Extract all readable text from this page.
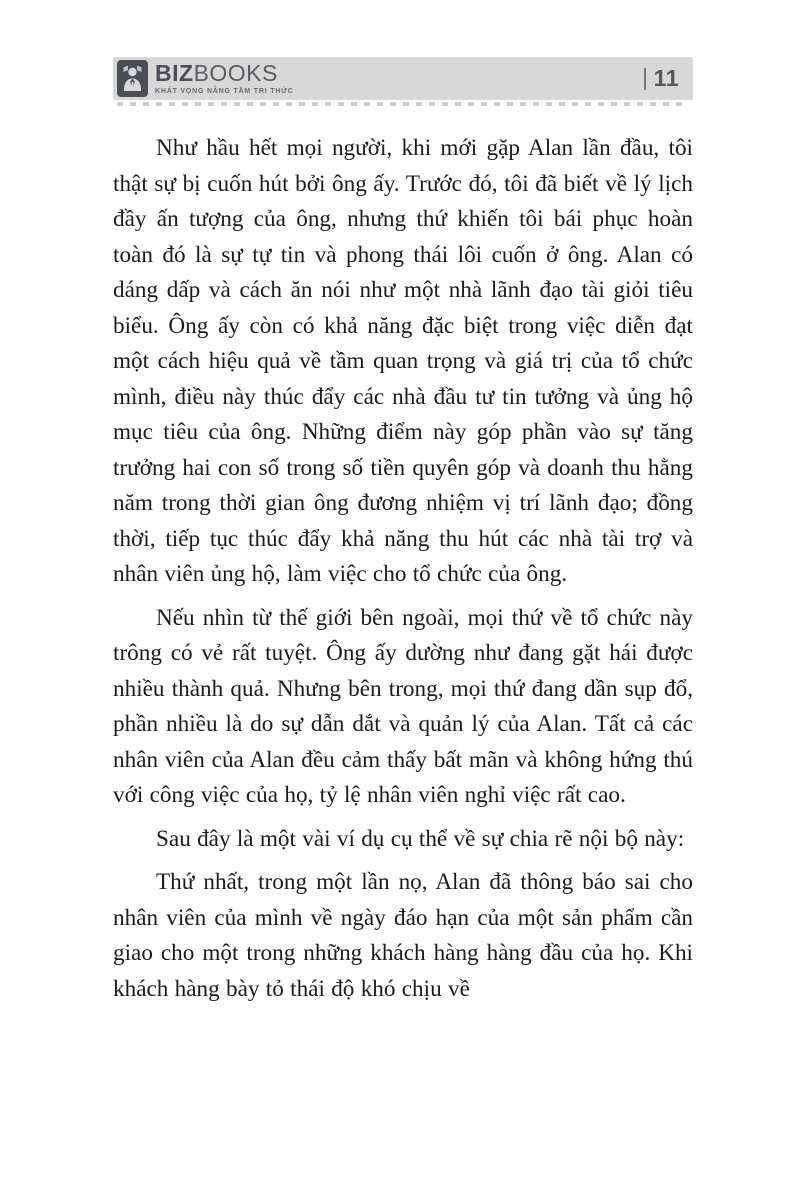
BIZBOOKS
KHÁT VỌNG NÂNG TẦM TRI THỨC
11

Như hầu hết mọi người, khi mới gặp Alan lần đầu, tôi thật sự bị cuốn hút bởi ông ấy. Trước đó, tôi đã biết về lý lịch đầy ấn tượng của ông, nhưng thứ khiến tôi bái phục hoàn toàn đó là sự tự tin và phong thái lôi cuốn ở ông. Alan có dáng dấp và cách ăn nói như một nhà lãnh đạo tài giỏi tiêu biểu. Ông ấy còn có khả năng đặc biệt trong việc diễn đạt một cách hiệu quả về tầm quan trọng và giá trị của tổ chức mình, điều này thúc đẩy các nhà đầu tư tin tưởng và ủng hộ mục tiêu của ông. Những điểm này góp phần vào sự tăng trưởng hai con số trong số tiền quyên góp và doanh thu hằng năm trong thời gian ông đương nhiệm vị trí lãnh đạo; đồng thời, tiếp tục thúc đẩy khả năng thu hút các nhà tài trợ và nhân viên ủng hộ, làm việc cho tổ chức của ông.

Nếu nhìn từ thế giới bên ngoài, mọi thứ về tổ chức này trông có vẻ rất tuyệt. Ông ấy dường như đang gặt hái được nhiều thành quả. Nhưng bên trong, mọi thứ đang dần sụp đổ, phần nhiều là do sự dẫn dắt và quản lý của Alan. Tất cả các nhân viên của Alan đều cảm thấy bất mãn và không hứng thú với công việc của họ, tỷ lệ nhân viên nghỉ việc rất cao.

Sau đây là một vài ví dụ cụ thể về sự chia rẽ nội bộ này:

Thứ nhất, trong một lần nọ, Alan đã thông báo sai cho nhân viên của mình về ngày đáo hạn của một sản phẩm cần giao cho một trong những khách hàng hàng đầu của họ. Khi khách hàng bày tỏ thái độ khó chịu về
